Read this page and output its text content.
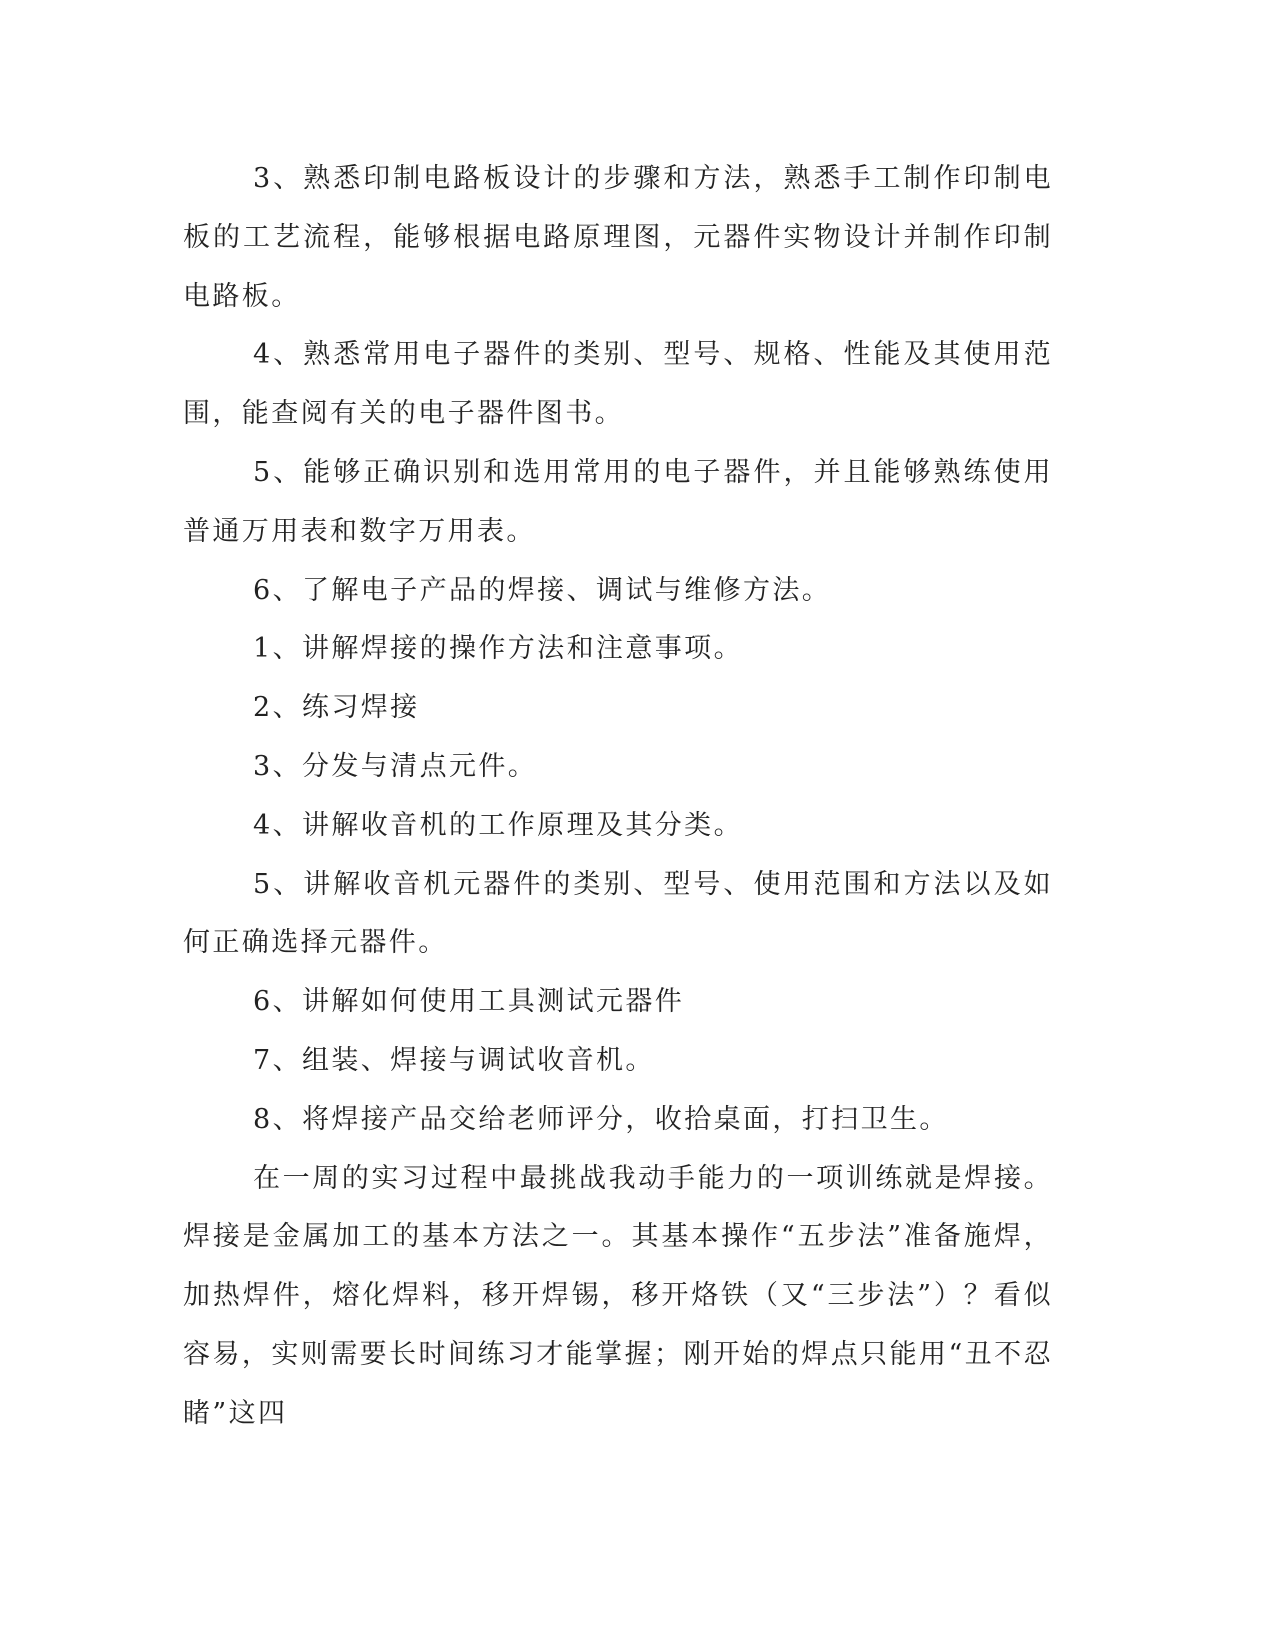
3、熟悉印制电路板设计的步骤和方法，熟悉手工制作印制电板的工艺流程，能够根据电路原理图，元器件实物设计并制作印制电路板。

4、熟悉常用电子器件的类别、型号、规格、性能及其使用范围，能查阅有关的电子器件图书。

5、能够正确识别和选用常用的电子器件，并且能够熟练使用普通万用表和数字万用表。

6、了解电子产品的焊接、调试与维修方法。

1、讲解焊接的操作方法和注意事项。

2、练习焊接

3、分发与清点元件。

4、讲解收音机的工作原理及其分类。

5、讲解收音机元器件的类别、型号、使用范围和方法以及如何正确选择元器件。

6、讲解如何使用工具测试元器件

7、组装、焊接与调试收音机。

8、将焊接产品交给老师评分，收拾桌面，打扫卫生。

在一周的实习过程中最挑战我动手能力的一项训练就是焊接。焊接是金属加工的基本方法之一。其基本操作“五步法”准备施焊，加热焊件，熔化焊料，移开焊锡，移开烙铁（又“三步法”）？看似容易，实则需要长时间练习才能掌握；刚开始的焊点只能用“丑不忍睹”这四
